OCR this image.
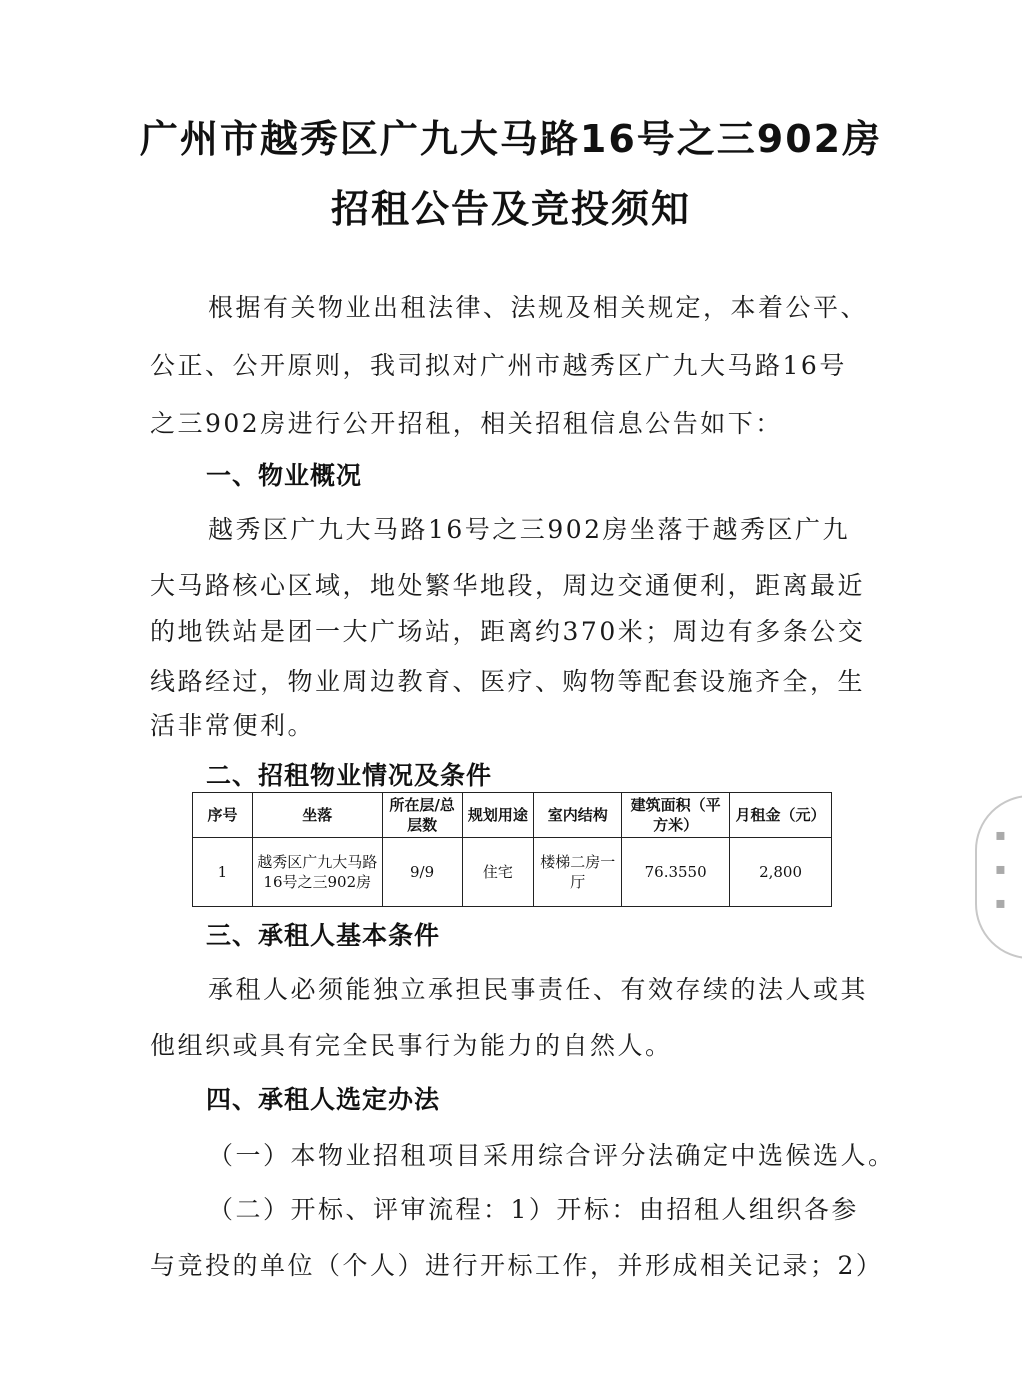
广州市越秀区广九大马路16号之三902房
招租公告及竞投须知
根据有关物业出租法律、法规及相关规定，本着公平、
公正、公开原则，我司拟对广州市越秀区广九大马路16号
之三902房进行公开招租，相关招租信息公告如下：
一、物业概况
越秀区广九大马路16号之三902房坐落于越秀区广九
大马路核心区域，地处繁华地段，周边交通便利，距离最近
的地铁站是团一大广场站，距离约370米；周边有多条公交
线路经过，物业周边教育、医疗、购物等配套设施齐全，生
活非常便利。
二、招租物业情况及条件
序号	坐落	所在层/总层数	规划用途	室内结构	建筑面积（平方米）	月租金（元）
1	越秀区广九大马路16号之三902房	9/9	住宅	楼梯二房一厅	76.3550	2,800
▪
▪
▪
三、承租人基本条件
承租人必须能独立承担民事责任、有效存续的法人或其
他组织或具有完全民事行为能力的自然人。
四、承租人选定办法
（一）本物业招租项目采用综合评分法确定中选候选人。
（二）开标、评审流程：1）开标：由招租人组织各参
与竞投的单位（个人）进行开标工作，并形成相关记录；2）
